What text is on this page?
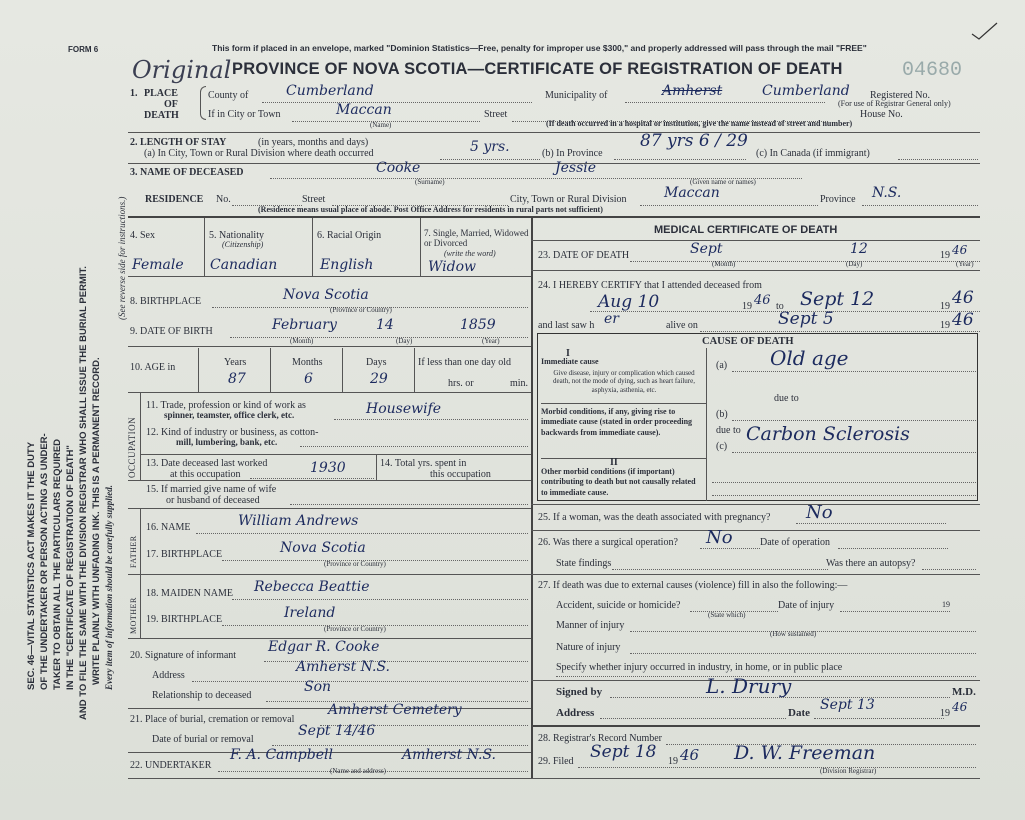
FORM 6	This form if placed in an envelope, marked "Dominion Statistics—Free, penalty for improper use $300," and properly addressed will pass through the mail "FREE"
Original PROVINCE OF NOVA SCOTIA—CERTIFICATE OF REGISTRATION OF DEATH	04680
SEC. 46—VITAL STATISTICS ACT MAKES IT THE DUTY OF THE UNDERTAKER OR PERSON ACTING AS UNDER- TAKER TO OBTAIN ALL THE PARTICULARS REQUIRED IN THE "CERTIFICATE OF REGISTRATION OF DEATH" AND TO FILE THE SAME WITH THE DIVISION REGISTRAR WHO SHALL ISSUE THE BURIAL PERMIT. WRITE PLAINLY WITH UNFADING INK. THIS IS A PERMANENT RECORD. Every item of information should be carefully supplied.
(See reverse side for instructions.)
1. PLACE
OF
DEATH
County of	Cumberland	Municipality of	Amherst	Cumberland Registered No.
(For use of Registrar General only)
If in City or Town	Maccan
(Name)
Street	House No.
(If death occurred in a hospital or institution, give the name instead of street and number)
2. LENGTH OF STAY	(in years, months and days)
(a) In City, Town or Rural Division where death occurred	5 yrs.	(b) In Province
87 yrs 6 / 29
(c) In Canada (if immigrant)
3. NAME OF DECEASED	Cooke
(Surname)
Jessie
(Given name or names)
RESIDENCE No.	Street	City, Town or Rural Division	Maccan	Province N.S.
(Residence means usual place of abode. Post Office Address for residents in rural parts not sufficient)
4. Sex
Female
5. Nationality
(Citizenship)
Canadian
6. Racial Origin
English
7. Single, Married, Widowed or Divorced
(write the word)
Widow
8. BIRTHPLACE	Nova Scotia
(Province or Country)
9. DATE OF BIRTH	February	14	1859
(Month)	(Day)	(Year)
10. AGE in	Years
87
Months
6
Days
29
If less than one day old
hrs. or	min.
OCCUPATION
11. Trade, profession or kind of work as
spinner, teamster, office clerk, etc.	Housewife
12. Kind of industry or business, as cotton-
mill, lumbering, bank, etc.
13. Date deceased last worked
at this occupation	1930	14. Total yrs. spent in
this occupation
15. If married give name of wife
or husband of deceased
FATHER
16. NAME	William Andrews
17. BIRTHPLACE	Nova Scotia
(Province or Country)
MOTHER
18. MAIDEN NAME Rebecca Beattie
19. BIRTHPLACE	Ireland
(Province or Country)
20. Signature of informant
Edgar R. Cooke
Address
Amherst N.S.
Relationship to deceased
Son
21. Place of burial, cremation or removal
Amherst Cemetery
Date of burial or removal
Sept 14/46
22. UNDERTAKER
F. A. Campbell	Amherst N.S.
(Name and address)
MEDICAL CERTIFICATE OF DEATH
23. DATE OF DEATH	Sept	12	19 46
(Month)	(Day)	(Year)
24. I HEREBY CERTIFY that I attended deceased from
Aug 10	19 46 to Sept 12	19 46
and last saw h er	alive on	Sept 5	19 46
CAUSE OF DEATH
I
Immediate cause
Give disease, injury or complication which caused death, not the mode of dying, such as heart failure, asphyxia, asthenia, etc.
(a) Old age
due to
Morbid conditions, if any, giving rise to immediate cause (stated in order proceeding backwards from immediate cause).
(b)
due to Carbon Sclerosis
(c)
II
Other morbid conditions (if important) contributing to death but not causally related to immediate cause.
25. If a woman, was the death associated with pregnancy? No
26. Was there a surgical operation? No	Date of operation
State findings	Was there an autopsy?
27. If death was due to external causes (violence) fill in also the following:—
Accident, suicide or homicide?
(State which)
Date of injury	19
Manner of injury
(How sustained)
Nature of injury
Specify whether injury occurred in industry, in home, or in public place
Signed by	L. Drury	M.D.
Address	Date Sept 13
19 46
28. Registrar's Record Number
29. Filed Sept 18 19 46 D. W. Freeman
(Division Registrar)
